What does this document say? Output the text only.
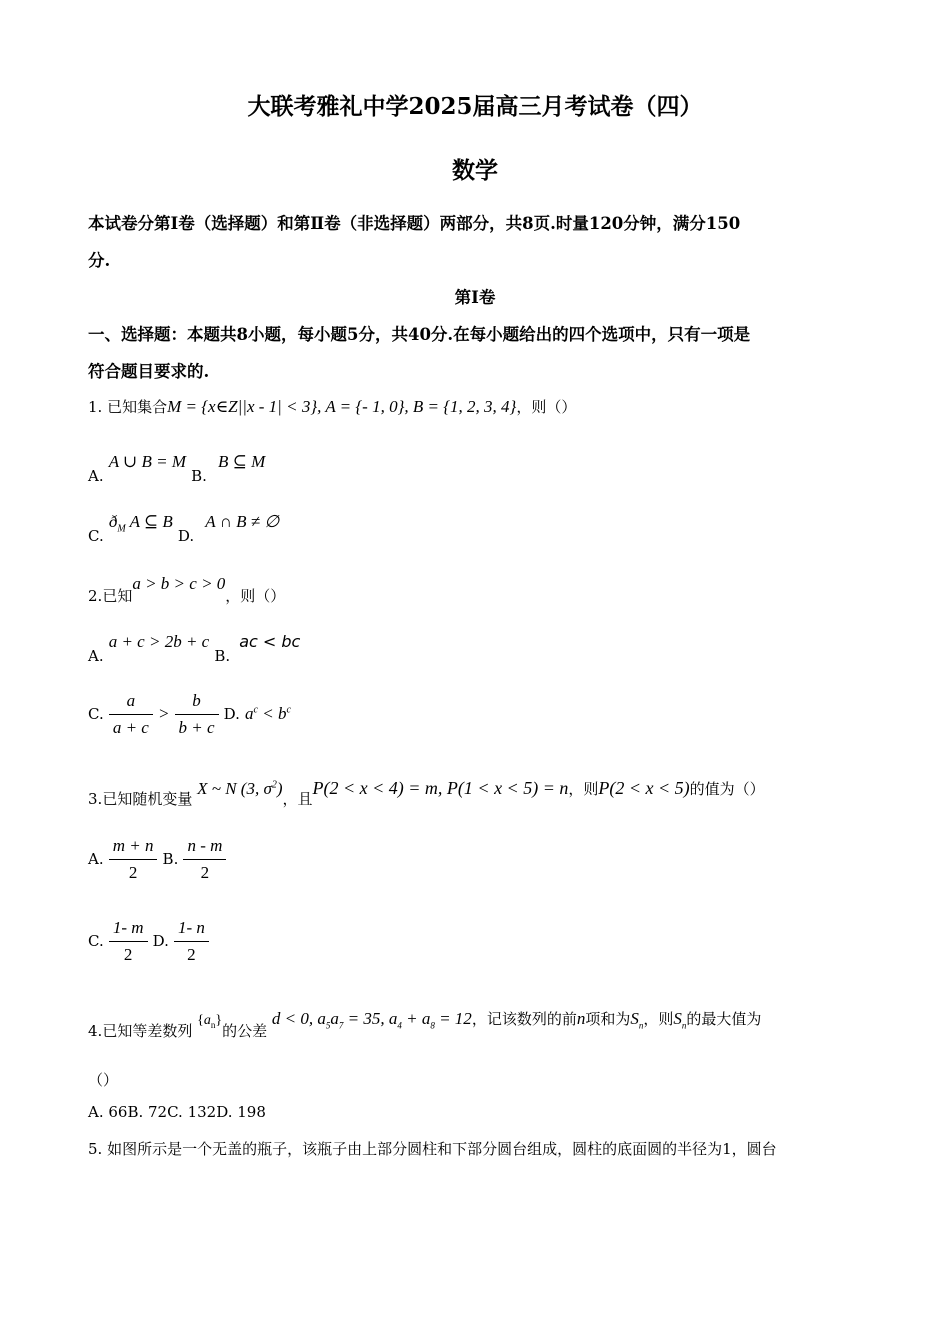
大联考雅礼中学2025届高三月考试卷（四）
数学
本试卷分第Ⅰ卷（选择题）和第Ⅱ卷（非选择题）两部分，共8页.时量120分钟，满分150
分.
第Ⅰ卷
一、选择题：本题共8小题，每小题5分，共40分.在每小题给出的四个选项中，只有一项是
符合题目要求的.
1. 已知集合M = {x∈Z||x - 1| < 3}, A = {- 1, 0}, B = {1, 2, 3, 4}，则（）
A. A ∪ B = M B. B ⊆ M
C. $ð_M$ A ⊆ B D. A ∩ B ≠ ∅
2.已知a > b > c > 0，则（）
A. a + c > 2b + c B. ac < bc
C. $\frac{a}{a + c} > \frac{b}{b + c} D$. $a^c < b^c$
3.已知随机变量 X ~ N (3, $\sigma^2$)，且P(2 < x < 4) = m, P(1 < x < 5) = n，则P(2 < x < 5)的值为（）
A. $\frac{m + n}{2} B$. $\frac{n - m}{2}$
C. $\frac{1- m}{2} D$. $\frac{1- n}{2}$
4.已知等差数列 $\{a_n\}$的公差 d < 0, $a_5a_7 = 35$, $a_4 + a_8 = 12$，记该数列的前n项和为$S_n$，则$S_n$的最大值为
（）
A. 66B. 72C. 132D. 198
5. 如图所示是一个无盖的瓶子，该瓶子由上部分圆柱和下部分圆台组成，圆柱的底面圆的半径为1，圆台
